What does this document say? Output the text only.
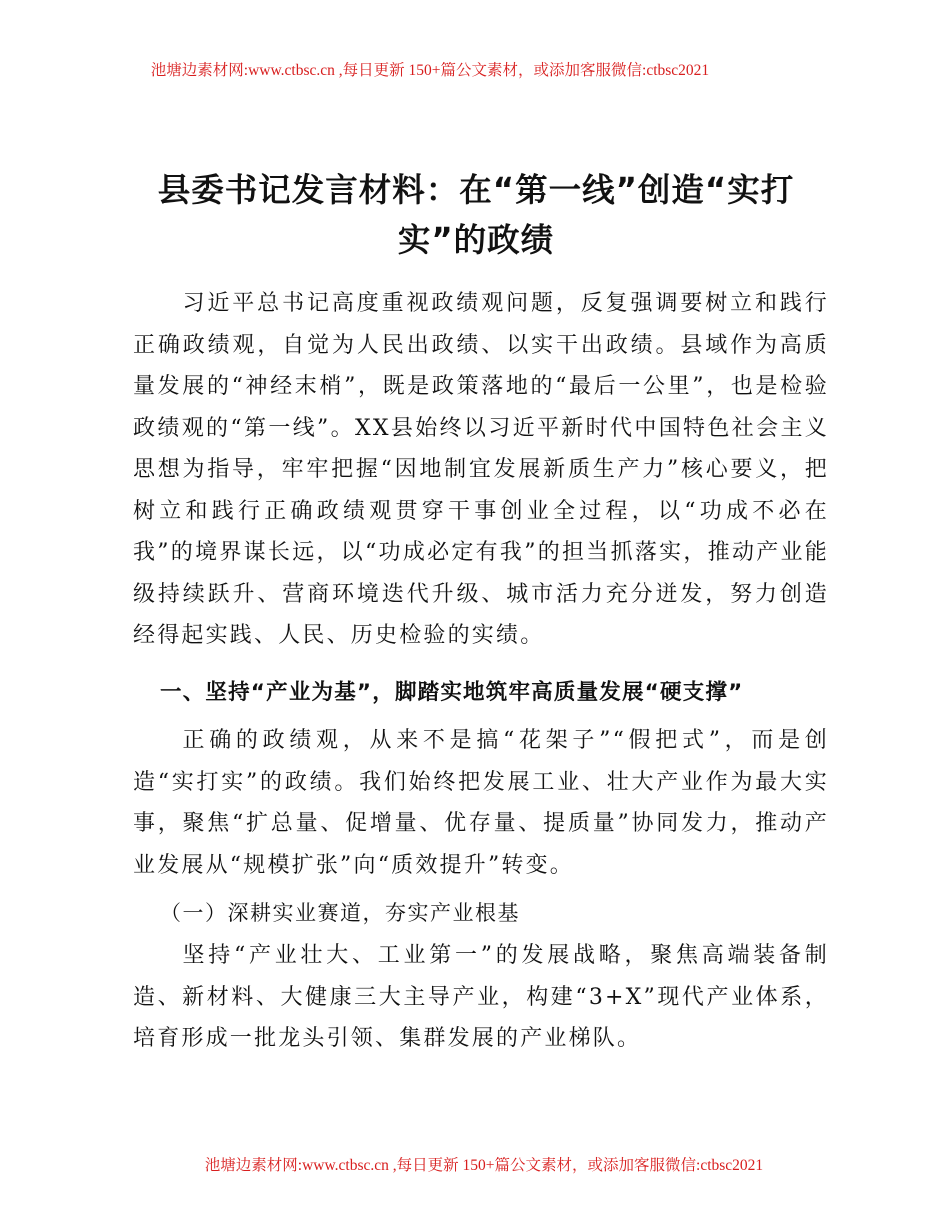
池塘边素材网:www.ctbsc.cn ,每日更新 150+篇公文素材，或添加客服微信:ctbsc2021
县委书记发言材料：在“第一线”创造“实打实”的政绩

习近平总书记高度重视政绩观问题，反复强调要树立和践行正确政绩观，自觉为人民出政绩、以实干出政绩。县域作为高质量发展的“神经末梢”，既是政策落地的“最后一公里”，也是检验政绩观的“第一线”。XX县始终以习近平新时代中国特色社会主义思想为指导，牢牢把握“因地制宜发展新质生产力”核心要义，把树立和践行正确政绩观贯穿干事创业全过程，以“功成不必在我”的境界谋长远，以“功成必定有我”的担当抓落实，推动产业能级持续跃升、营商环境迭代升级、城市活力充分迸发，努力创造经得起实践、人民、历史检验的实绩。

一、坚持“产业为基”，脚踏实地筑牢高质量发展“硬支撑”

正确的政绩观，从来不是搞“花架子”“假把式”，而是创造“实打实”的政绩。我们始终把发展工业、壮大产业作为最大实事，聚焦“扩总量、促增量、优存量、提质量”协同发力，推动产业发展从“规模扩张”向“质效提升”转变。

（一）深耕实业赛道，夯实产业根基

坚持“产业壮大、工业第一”的发展战略，聚焦高端装备制造、新材料、大健康三大主导产业，构建“3+X”现代产业体系，培育形成一批龙头引领、集群发展的产业梯队。

池塘边素材网:www.ctbsc.cn ,每日更新 150+篇公文素材，或添加客服微信:ctbsc2021
